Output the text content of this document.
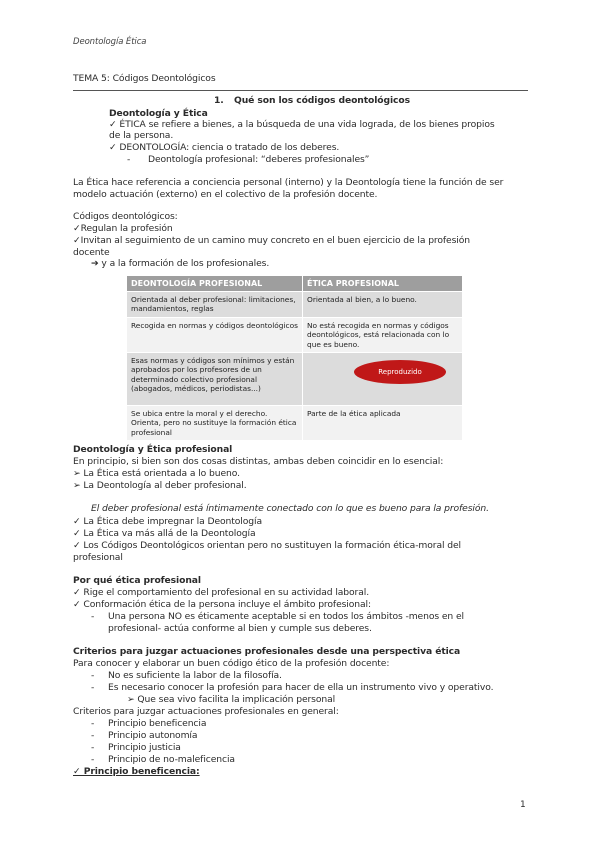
Deontología Ética
TEMA 5: Códigos Deontológicos
1. Qué son los códigos deontológicos
Deontología y Ética
✓ ÉTICA se refiere a bienes, a la búsqueda de una vida lograda, de los bienes propios
de la persona.
✓ DEONTOLOGÍA: ciencia o tratado de los deberes.
- Deontología profesional: “deberes profesionales”
La Ética hace referencia a conciencia personal (interno) y la Deontología tiene la función de ser
modelo actuación (externo) en el colectivo de la profesión docente.
Códigos deontológicos:
✓Regulan la profesión
✓Invitan al seguimiento de un camino muy concreto en el buen ejercicio de la profesión
docente
➔ y a la formación de los profesionales.
DEONTOLOGÍA PROFESIONAL	ÉTICA PROFESIONAL
Orientada al deber profesional: limitaciones, mandamientos, reglas	Orientada al bien, a lo bueno.
Recogida en normas y códigos deontológicos	No está recogida en normas y códigos deontológicos, está relacionada con lo que es bueno.
Esas normas y códigos son mínimos y están aprobados por los profesores de un determinado colectivo profesional (abogados, médicos, periodistas...)	
Se ubica entre la moral y el derecho. Orienta, pero no sustituye la formación ética profesional	Parte de la ética aplicada
Reproduzido
Deontología y Ética profesional
En principio, si bien son dos cosas distintas, ambas deben coincidir en lo esencial:
➢ La Ética está orientada a lo bueno.
➢ La Deontología al deber profesional.
El deber profesional está íntimamente conectado con lo que es bueno para la profesión.
✓ La Ética debe impregnar la Deontología
✓ La Ética va más allá de la Deontología
✓ Los Códigos Deontológicos orientan pero no sustituyen la formación ética-moral del
profesional
Por qué ética profesional
✓ Rige el comportamiento del profesional en su actividad laboral.
✓ Conformación ética de la persona incluye el ámbito profesional:
- Una persona NO es éticamente aceptable si en todos los ámbitos -menos en el
profesional- actúa conforme al bien y cumple sus deberes.
Criterios para juzgar actuaciones profesionales desde una perspectiva ética
Para conocer y elaborar un buen código ético de la profesión docente:
- No es suficiente la labor de la filosofía.
- Es necesario conocer la profesión para hacer de ella un instrumento vivo y operativo.
➢ Que sea vivo facilita la implicación personal
Criterios para juzgar actuaciones profesionales en general:
- Principio beneficencia
- Principio autonomía
- Principio justicia
- Principio de no-maleficencia
✓ Principio beneficencia:
1
